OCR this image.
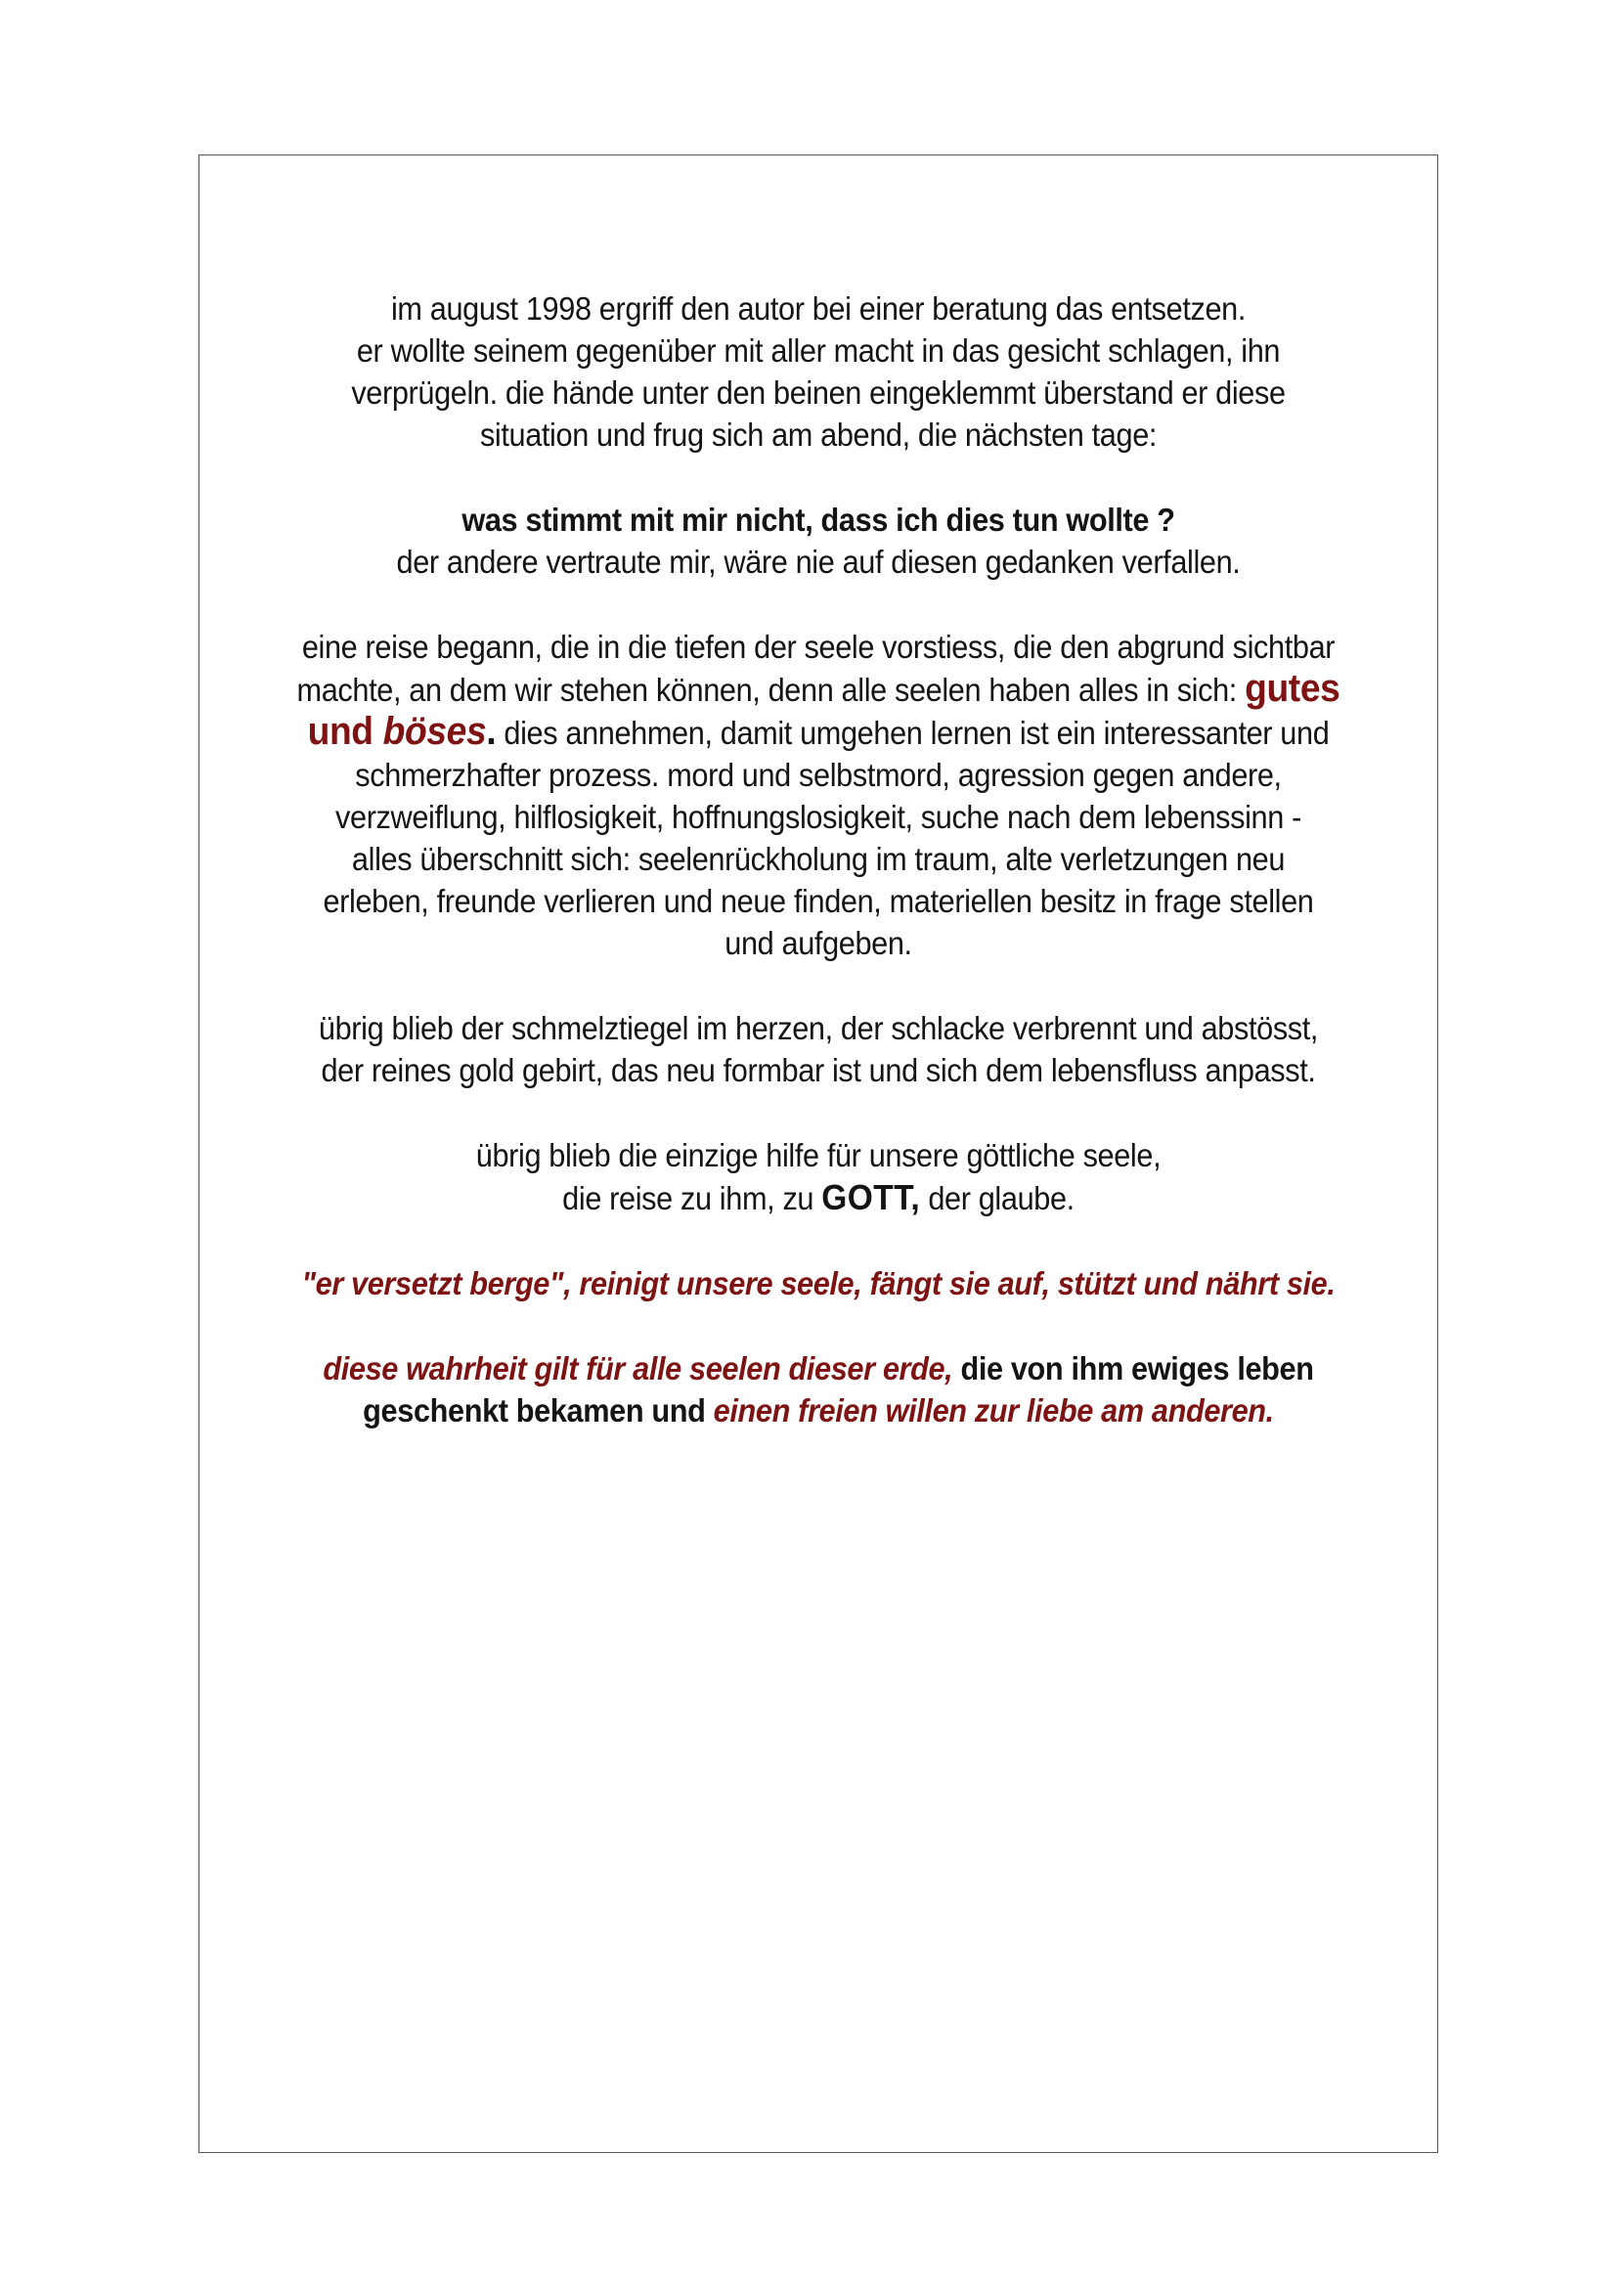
im august 1998 ergriff den autor bei einer beratung das entsetzen.
er wollte seinem gegenüber mit aller macht in das gesicht schlagen, ihn
verprügeln. die hände unter den beinen eingeklemmt überstand er diese
situation und frug sich am abend, die nächsten tage:
was stimmt mit mir nicht, dass ich dies tun wollte ?
der andere vertraute mir, wäre nie auf diesen gedanken verfallen.
eine reise begann, die in die tiefen der seele vorstiess, die den abgrund sichtbar
machte, an dem wir stehen können, denn alle seelen haben alles in sich: gutes
und böses. dies annehmen, damit umgehen lernen ist ein interessanter und
schmerzhafter prozess. mord und selbstmord, agression gegen andere,
verzweiflung, hilflosigkeit, hoffnungslosigkeit, suche nach dem lebenssinn -
alles überschnitt sich: seelenrückholung im traum, alte verletzungen neu
erleben, freunde verlieren und neue finden, materiellen besitz in frage stellen
und aufgeben.
übrig blieb der schmelztiegel im herzen, der schlacke verbrennt und abstösst,
der reines gold gebirt, das neu formbar ist und sich dem lebensfluss anpasst.
übrig blieb die einzige hilfe für unsere göttliche seele,
die reise zu ihm, zu GOTT, der glaube.
"er versetzt berge", reinigt unsere seele, fängt sie auf, stützt und nährt sie.
diese wahrheit gilt für alle seelen dieser erde, die von ihm ewiges leben
geschenkt bekamen und einen freien willen zur liebe am anderen.
